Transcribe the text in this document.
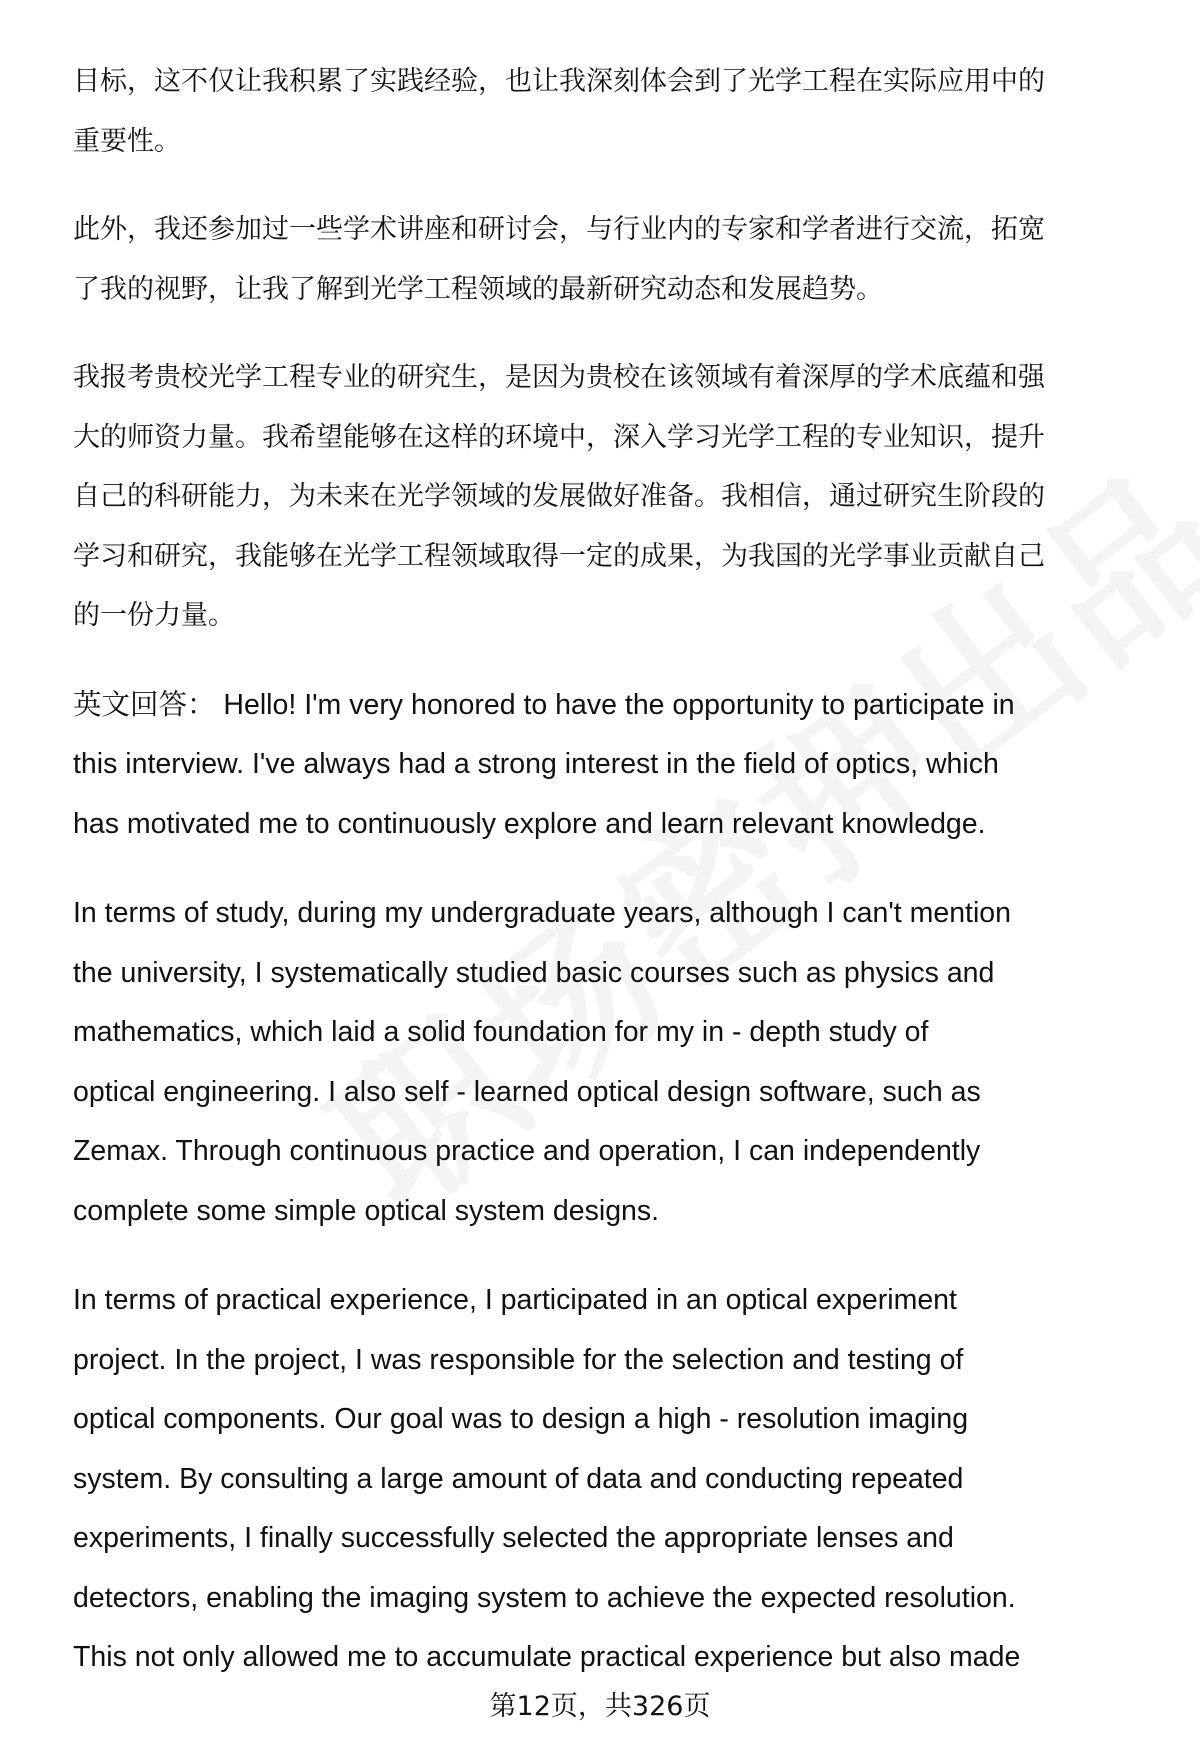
目标，这不仅让我积累了实践经验，也让我深刻体会到了光学工程在实际应用中的
重要性。

此外，我还参加过一些学术讲座和研讨会，与行业内的专家和学者进行交流，拓宽
了我的视野，让我了解到光学工程领域的最新研究动态和发展趋势。

我报考贵校光学工程专业的研究生，是因为贵校在该领域有着深厚的学术底蕴和强
大的师资力量。我希望能够在这样的环境中，深入学习光学工程的专业知识，提升
自己的科研能力，为未来在光学领域的发展做好准备。我相信，通过研究生阶段的
学习和研究，我能够在光学工程领域取得一定的成果，为我国的光学事业贡献自己
的一份力量。

英文回答： Hello! I'm very honored to have the opportunity to participate in
this interview. I've always had a strong interest in the field of optics, which
has motivated me to continuously explore and learn relevant knowledge.

In terms of study, during my undergraduate years, although I can't mention
the university, I systematically studied basic courses such as physics and
mathematics, which laid a solid foundation for my in - depth study of
optical engineering. I also self - learned optical design software, such as
Zemax. Through continuous practice and operation, I can independently
complete some simple optical system designs.

In terms of practical experience, I participated in an optical experiment
project. In the project, I was responsible for the selection and testing of
optical components. Our goal was to design a high - resolution imaging
system. By consulting a large amount of data and conducting repeated
experiments, I finally successfully selected the appropriate lenses and
detectors, enabling the imaging system to achieve the expected resolution.
This not only allowed me to accumulate practical experience but also made

第12页，共326页
